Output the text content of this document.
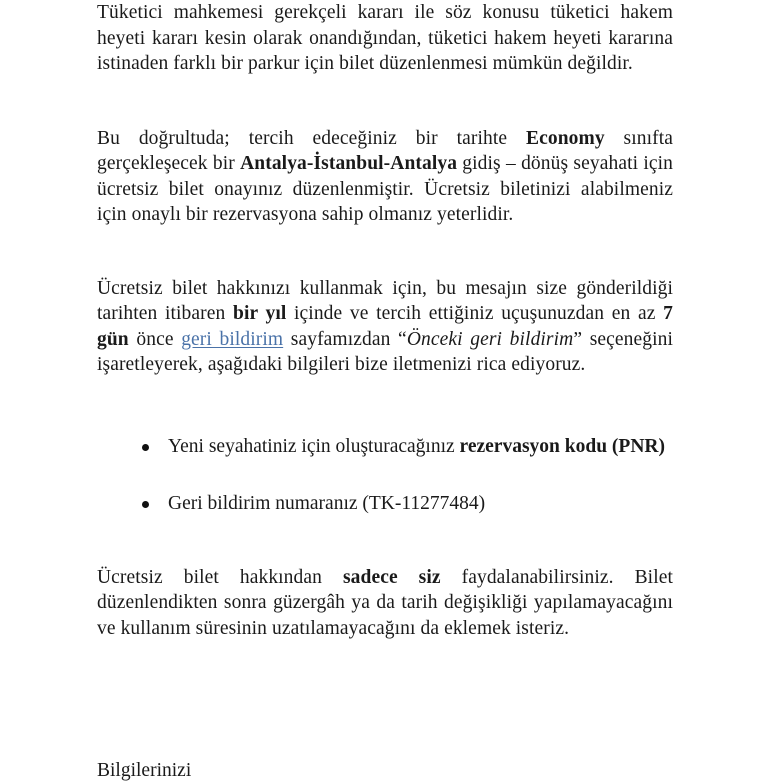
Tüketici mahkemesi gerekçeli kararı ile söz konusu tüketici hakem heyeti kararı kesin olarak onandığından, tüketici hakem heyeti kararına istinaden farklı bir parkur için bilet düzenlenmesi mümkün değildir.

Bu doğrultuda; tercih edeceğiniz bir tarihte Economy sınıfta gerçekleşecek bir Antalya-İstanbul-Antalya gidiş – dönüş seyahati için ücretsiz bilet onayınız düzenlenmiştir. Ücretsiz biletinizi alabilmeniz için onaylı bir rezervasyona sahip olmanız yeterlidir.

Ücretsiz bilet hakkınızı kullanmak için, bu mesajın size gönderildiği tarihten itibaren bir yıl içinde ve tercih ettiğiniz uçuşunuzdan en az 7 gün önce geri bildirim sayfamızdan “Önceki geri bildirim” seçeneğini işaretleyerek, aşağıdaki bilgileri bize iletmenizi rica ediyoruz.

Yeni seyahatiniz için oluşturacağınız rezervasyon kodu (PNR)
Geri bildirim numaranız (TK-11277484)

Ücretsiz bilet hakkından sadece siz faydalanabilirsiniz. Bilet düzenlendikten sonra güzergâh ya da tarih değişikliği yapılamayacağını ve kullanım süresinin uzatılamayacağını da eklemek isteriz.

Bilgilerinizi
